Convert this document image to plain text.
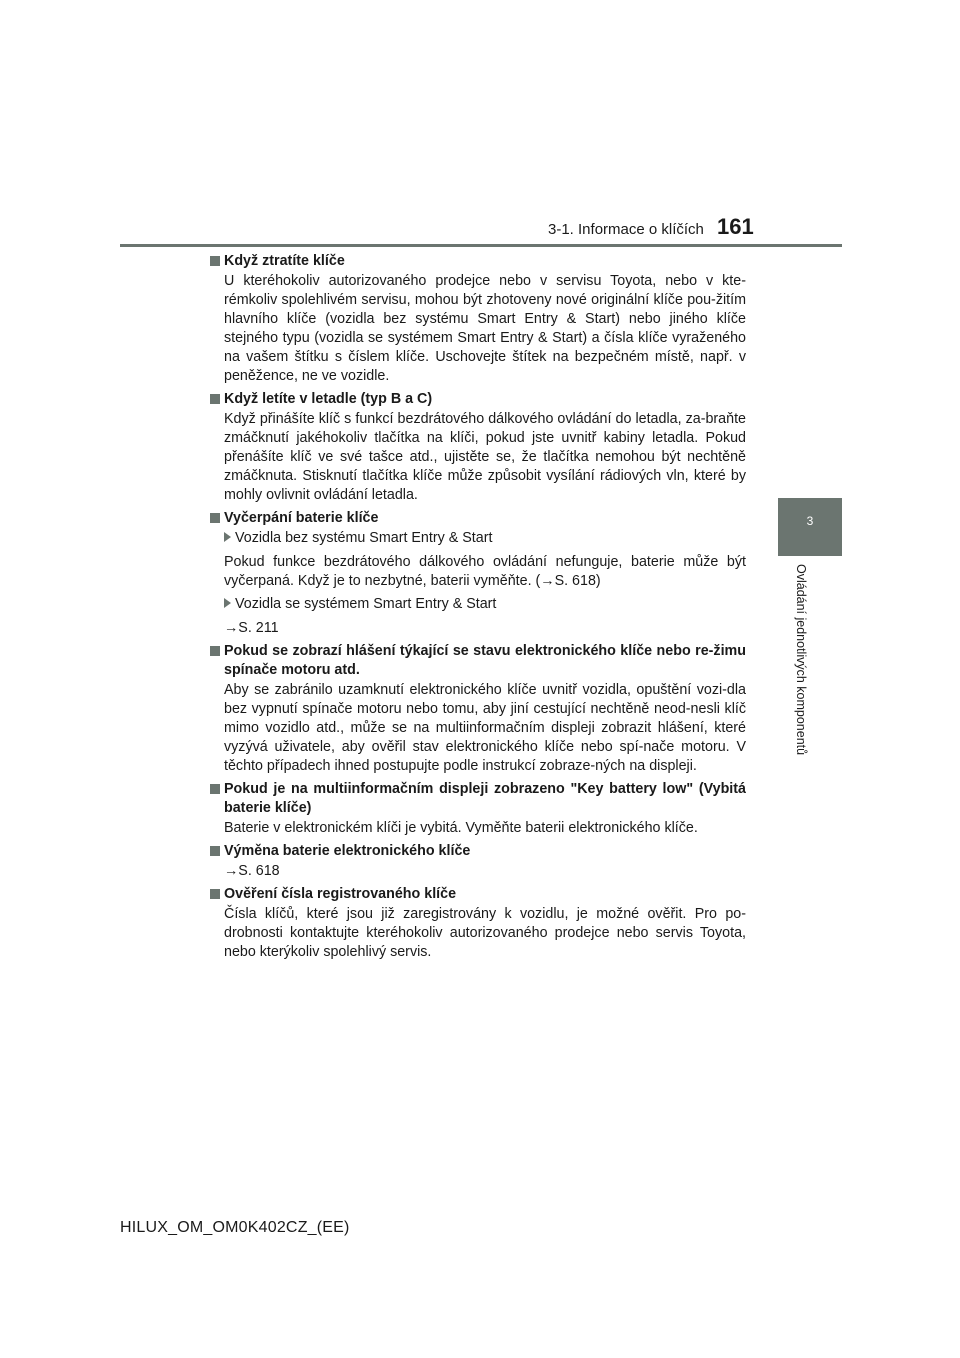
3-1. Informace o klíčích 161
3
Ovládání jednotlivých komponentů
Když ztratíte klíče
U kteréhokoliv autorizovaného prodejce nebo v servisu Toyota, nebo v kte-rémkoliv spolehlivém servisu, mohou být zhotoveny nové originální klíče pou-žitím hlavního klíče (vozidla bez systému Smart Entry & Start) nebo jiného klíče stejného typu (vozidla se systémem Smart Entry & Start) a čísla klíče vyraženého na vašem štítku s číslem klíče. Uschovejte štítek na bezpečném místě, např. v peněžence, ne ve vozidle.
Když letíte v letadle (typ B a C)
Když přinášíte klíč s funkcí bezdrátového dálkového ovládání do letadla, za-braňte zmáčknutí jakéhokoliv tlačítka na klíči, pokud jste uvnitř kabiny letadla. Pokud přenášíte klíč ve své tašce atd., ujistěte se, že tlačítka nemohou být nechtěně zmáčknuta. Stisknutí tlačítka klíče může způsobit vysílání rádiových vln, které by mohly ovlivnit ovládání letadla.
Vyčerpání baterie klíče
Vozidla bez systému Smart Entry & Start
Pokud funkce bezdrátového dálkového ovládání nefunguje, baterie může být vyčerpaná. Když je to nezbytné, baterii vyměňte. (→S. 618)
Vozidla se systémem Smart Entry & Start
→S. 211
Pokud se zobrazí hlášení týkající se stavu elektronického klíče nebo re-žimu spínače motoru atd.
Aby se zabránilo uzamknutí elektronického klíče uvnitř vozidla, opuštění vozi-dla bez vypnutí spínače motoru nebo tomu, aby jiní cestující nechtěně neod-nesli klíč mimo vozidlo atd., může se na multiinformačním displeji zobrazit hlášení, které vyzývá uživatele, aby ověřil stav elektronického klíče nebo spí-nače motoru. V těchto případech ihned postupujte podle instrukcí zobraze-ných na displeji.
Pokud je na multiinformačním displeji zobrazeno "Key battery low" (Vybitá baterie klíče)
Baterie v elektronickém klíči je vybitá. Vyměňte baterii elektronického klíče.
Výměna baterie elektronického klíče
→S. 618
Ověření čísla registrovaného klíče
Čísla klíčů, které jsou již zaregistrovány k vozidlu, je možné ověřit. Pro po-drobnosti kontaktujte kteréhokoliv autorizovaného prodejce nebo servis Toyota, nebo kterýkoliv spolehlivý servis.
HILUX_OM_OM0K402CZ_(EE)
